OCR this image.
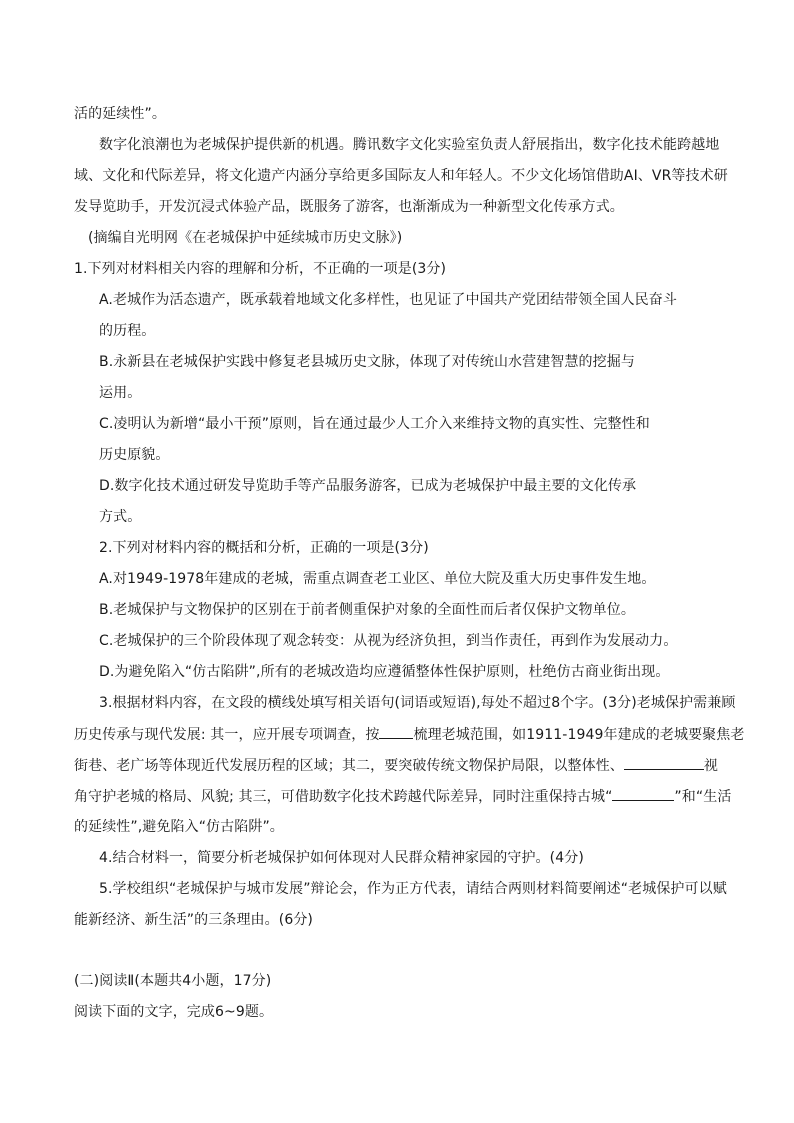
活的延续性”。
数字化浪潮也为老城保护提供新的机遇。腾讯数字文化实验室负责人舒展指出，数字化技术能跨越地
域、文化和代际差异，将文化遗产内涵分享给更多国际友人和年轻人。不少文化场馆借助AI、VR等技术研
发导览助手，开发沉浸式体验产品，既服务了游客，也渐渐成为一种新型文化传承方式。
(摘编自光明网《在老城保护中延续城市历史文脉》)
1.下列对材料相关内容的理解和分析，不正确的一项是(3分)
A.老城作为活态遗产，既承载着地域文化多样性，也见证了中国共产党团结带领全国人民奋斗
的历程。
B.永新县在老城保护实践中修复老县城历史文脉，体现了对传统山水营建智慧的挖掘与
运用。
C.凌明认为新增“最小干预”原则，旨在通过最少人工介入来维持文物的真实性、完整性和
历史原貌。
D.数字化技术通过研发导览助手等产品服务游客，已成为老城保护中最主要的文化传承
方式。
2.下列对材料内容的概括和分析，正确的一项是(3分)
A.对1949-1978年建成的老城，需重点调查老工业区、单位大院及重大历史事件发生地。
B.老城保护与文物保护的区别在于前者侧重保护对象的全面性而后者仅保护文物单位。
C.老城保护的三个阶段体现了观念转变：从视为经济负担，到当作责任，再到作为发展动力。
D.为避免陷入“仿古陷阱”,所有的老城改造均应遵循整体性保护原则，杜绝仿古商业街出现。
3.根据材料内容，在文段的横线处填写相关语句(词语或短语),每处不超过8个字。(3分)老城保护需兼顾
历史传承与现代发展: 其一，应开展专项调查，按 梳理老城范围，如1911-1949年建成的老城要聚焦老
街巷、老广场等体现近代发展历程的区域；其二，要突破传统文物保护局限，以整体性、	视
角守护老城的格局、风貌; 其三，可借助数字化技术跨越代际差异，同时注重保持古城“	”和“生活
的延续性”,避免陷入“仿古陷阱”。
4.结合材料一，简要分析老城保护如何体现对人民群众精神家园的守护。(4分)
5.学校组织“老城保护与城市发展”辩论会，作为正方代表，请结合两则材料简要阐述“老城保护可以赋
能新经济、新生活”的三条理由。(6分)
(二)阅读Ⅱ(本题共4小题，17分)
阅读下面的文字，完成6~9题。
